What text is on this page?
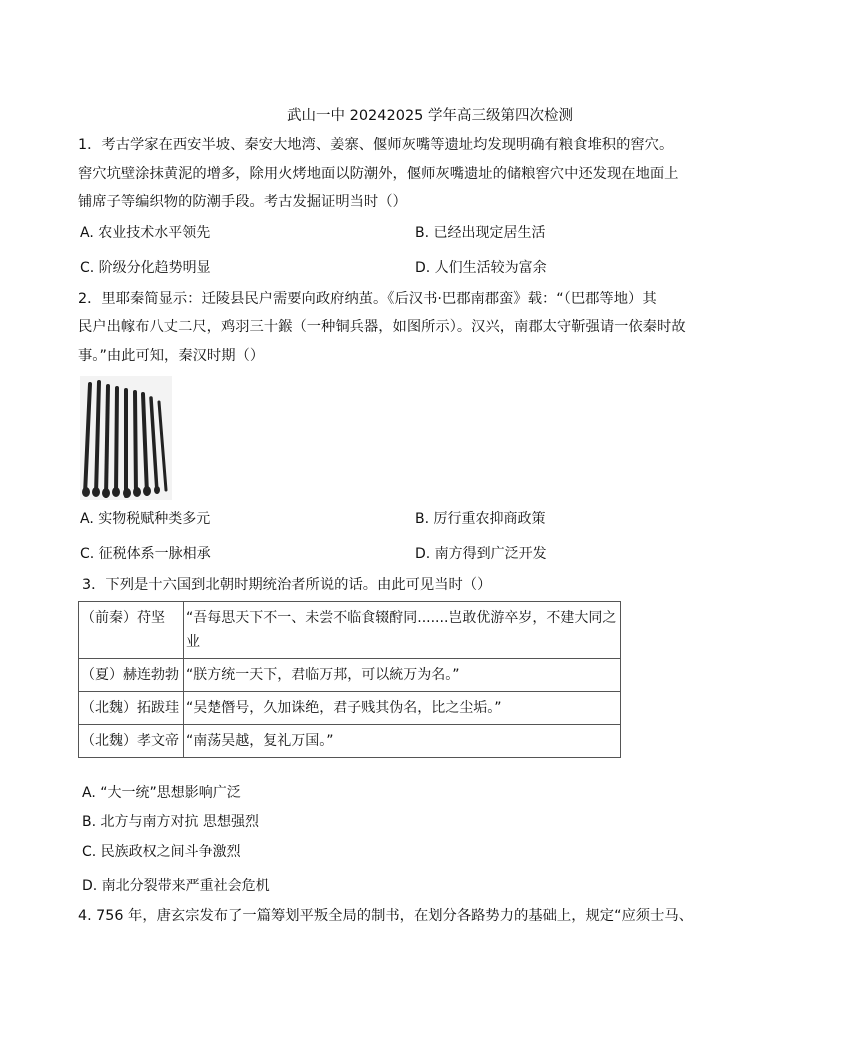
武山一中 20242025 学年高三级第四次检测
1．考古学家在西安半坡、秦安大地湾、姜寨、偃师灰嘴等遗址均发现明确有粮食堆积的窖穴。
窖穴坑壁涂抹黄泥的增多，除用火烤地面以防潮外，偃师灰嘴遗址的储粮窖穴中还发现在地面上
铺席子等编织物的防潮手段。考古发掘证明当时（）
A. 农业技术水平领先	B. 已经出现定居生活
C. 阶级分化趋势明显	D. 人们生活较为富余
2．里耶秦简显示：迁陵县民户需要向政府纳茧。《后汉书·巴郡南郡蛮》载：“（巴郡等地）其
民户出幏布八丈二尺，鸡羽三十鍭（一种铜兵器，如图所示）。汉兴，南郡太守靳强请一依秦时故
事。”由此可知，秦汉时期（）
A. 实物税赋种类多元	B. 厉行重农抑商政策
C. 征税体系一脉相承	D. 南方得到广泛开发
3．下列是十六国到北朝时期统治者所说的话。由此可见当时（）
（前秦）苻坚	“吾每思天下不一、未尝不临食辍酧同.......岂敢优游卒岁，不建大同之业
（夏）赫连勃勃	“朕方统一天下，君临万邦，可以統万为名。”
（北魏）拓跋珪	“吴楚僭号，久加诛绝，君子贱其伪名，比之尘垢。”
（北魏）孝文帝	“南荡吴越，复礼万国。”
A. “大一统”思想影响广泛
B. 北方与南方对抗 思想强烈
C. 民族政权之间斗争激烈
D. 南北分裂带来严重社会危机
4. 756 年，唐玄宗发布了一篇筹划平叛全局的制书，在划分各路势力的基础上，规定“应须士马、
